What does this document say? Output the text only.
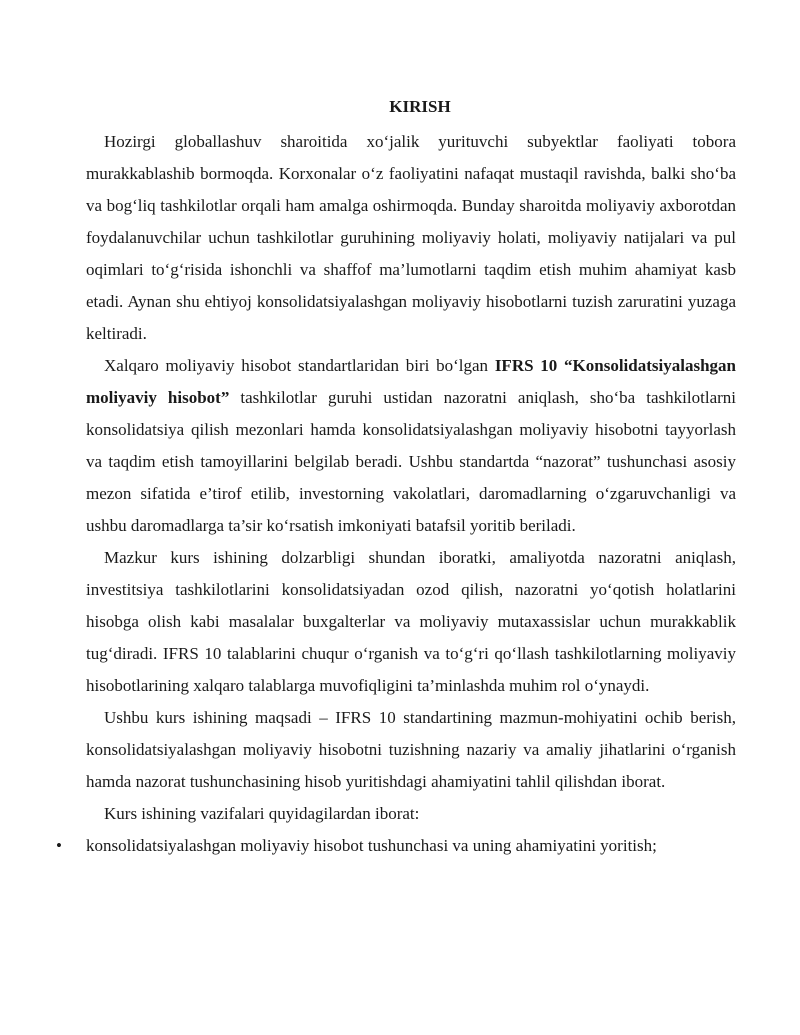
KIRISH

Hozirgi globallashuv sharoitida xo‘jalik yurituvchi subyektlar faoliyati tobora murakkablashib bormoqda. Korxonalar o‘z faoliyatini nafaqat mustaqil ravishda, balki sho‘ba va bog‘liq tashkilotlar orqali ham amalga oshirmoqda. Bunday sharoitda moliyaviy axborotdan foydalanuvchilar uchun tashkilotlar guruhining moliyaviy holati, moliyaviy natijalari va pul oqimlari to‘g‘risida ishonchli va shaffof ma’lumotlarni taqdim etish muhim ahamiyat kasb etadi. Aynan shu ehtiyoj konsolidatsiyalashgan moliyaviy hisobotlarni tuzish zaruratini yuzaga keltiradi.

Xalqaro moliyaviy hisobot standartlaridan biri bo‘lgan IFRS 10 “Konsolidatsiyalashgan moliyaviy hisobot” tashkilotlar guruhi ustidan nazoratni aniqlash, sho‘ba tashkilotlarni konsolidatsiya qilish mezonlari hamda konsolidatsiyalashgan moliyaviy hisobotni tayyorlash va taqdim etish tamoyillarini belgilab beradi. Ushbu standartda “nazorat” tushunchasi asosiy mezon sifatida e’tirof etilib, investorning vakolatlari, daromadlarning o‘zgaruvchanligi va ushbu daromadlarga ta’sir ko‘rsatish imkoniyati batafsil yoritib beriladi.

Mazkur kurs ishining dolzarbligi shundan iboratki, amaliyotda nazoratni aniqlash, investitsiya tashkilotlarini konsolidatsiyadan ozod qilish, nazoratni yo‘qotish holatlarini hisobga olish kabi masalalar buxgalterlar va moliyaviy mutaxassislar uchun murakkablik tug‘diradi. IFRS 10 talablarini chuqur o‘rganish va to‘g‘ri qo‘llash tashkilotlarning moliyaviy hisobotlarining xalqaro talablarga muvofiqligini ta’minlashda muhim rol o‘ynaydi.

Ushbu kurs ishining maqsadi – IFRS 10 standartining mazmun-mohiyatini ochib berish, konsolidatsiyalashgan moliyaviy hisobotni tuzishning nazariy va amaliy jihatlarini o‘rganish hamda nazorat tushunchasining hisob yuritishdagi ahamiyatini tahlil qilishdan iborat.

Kurs ishining vazifalari quyidagilardan iborat:

• konsolidatsiyalashgan moliyaviy hisobot tushunchasi va uning ahamiyatini yoritish;
